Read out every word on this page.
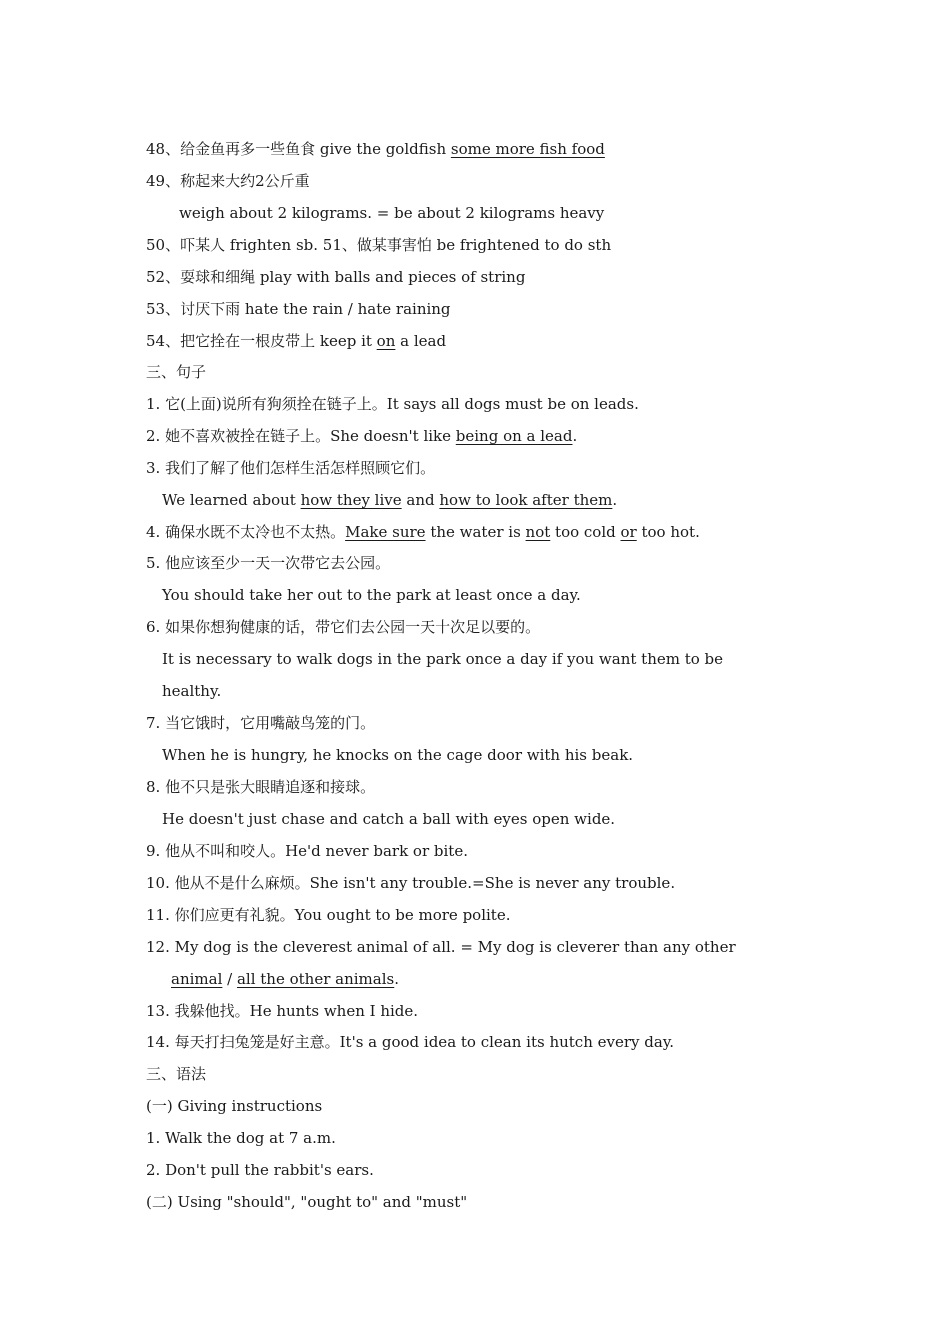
48、给金鱼再多一些鱼食 give the goldfish some more fish food
49、称起来大约2公斤重
weigh about 2 kilograms. = be about 2 kilograms heavy
50、吓某人 frighten sb. 51、做某事害怕 be frightened to do sth
52、耍球和细绳 play with balls and pieces of string
53、讨厌下雨 hate the rain / hate raining
54、把它拴在一根皮带上 keep it on a lead
三、句子
1. 它(上面)说所有狗须拴在链子上。It says all dogs must be on leads.
2. 她不喜欢被拴在链子上。She doesn't like being on a lead.
3. 我们了解了他们怎样生活怎样照顾它们。
We learned about how they live and how to look after them.
4. 确保水既不太冷也不太热。Make sure the water is not too cold or too hot.
5. 他应该至少一天一次带它去公园。
You should take her out to the park at least once a day.
6. 如果你想狗健康的话，带它们去公园一天十次足以要的。
It is necessary to walk dogs in the park once a day if you want them to be
healthy.
7. 当它饿时，它用嘴敲鸟笼的门。
When he is hungry, he knocks on the cage door with his beak.
8. 他不只是张大眼睛追逐和接球。
He doesn't just chase and catch a ball with eyes open wide.
9. 他从不叫和咬人。He'd never bark or bite.
10. 他从不是什么麻烦。She isn't any trouble.=She is never any trouble.
11. 你们应更有礼貌。You ought to be more polite.
12. My dog is the cleverest animal of all. = My dog is cleverer than any other
animal / all the other animals.
13. 我躲他找。He hunts when I hide.
14. 每天打扫兔笼是好主意。It's a good idea to clean its hutch every day.
三、语法
(一) Giving instructions
1. Walk the dog at 7 a.m.
2. Don't pull the rabbit's ears.
(二) Using "should", "ought to" and "must"
